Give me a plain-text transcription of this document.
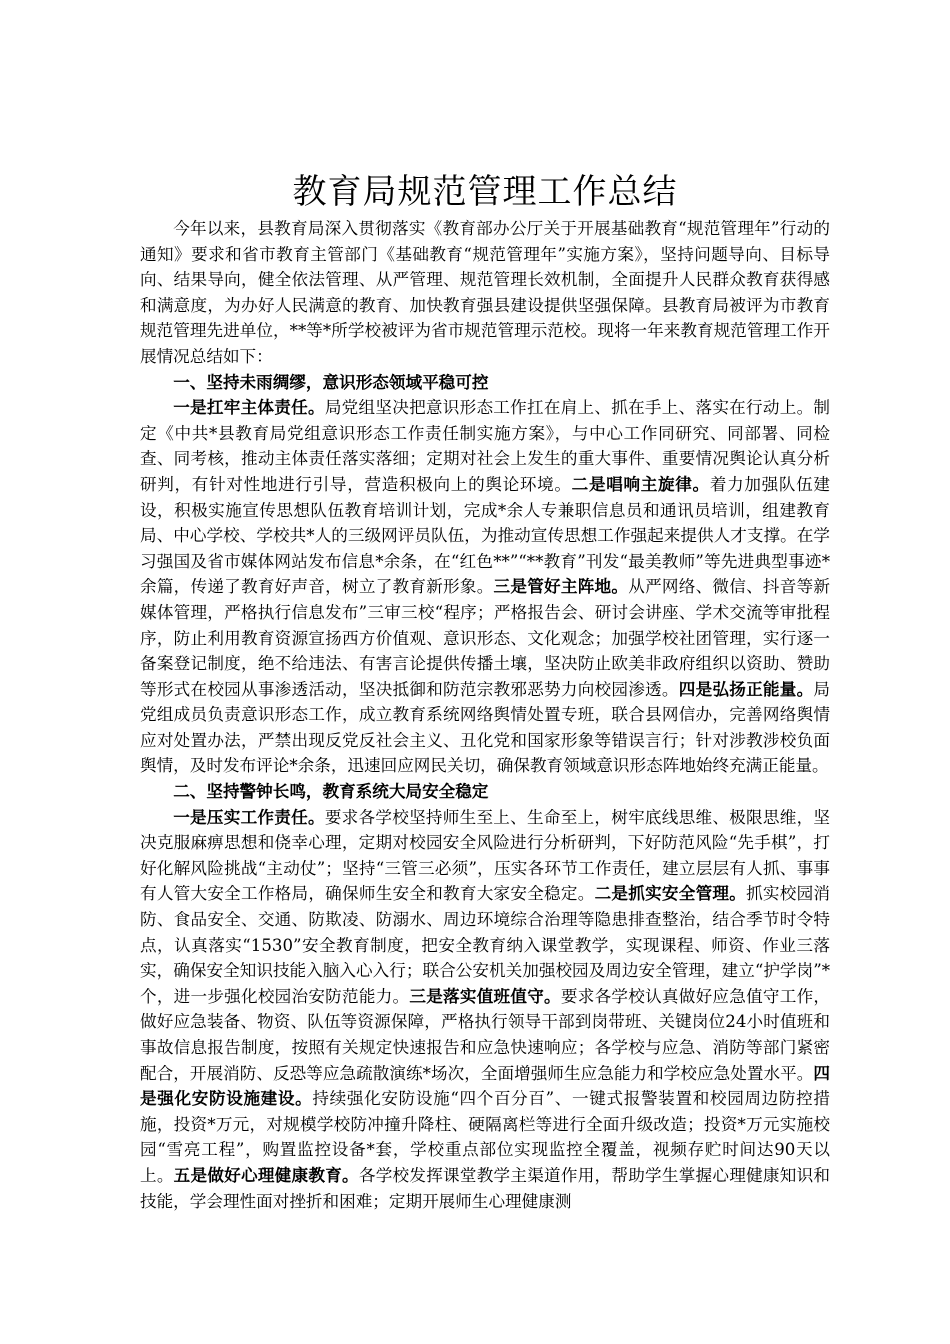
教育局规范管理工作总结

今年以来，县教育局深入贯彻落实《教育部办公厅关于开展基础教育“规范管理年”行动的通知》要求和省市教育主管部门《基础教育“规范管理年”实施方案》，坚持问题导向、目标导向、结果导向，健全依法管理、从严管理、规范管理长效机制，全面提升人民群众教育获得感和满意度，为办好人民满意的教育、加快教育强县建设提供坚强保障。县教育局被评为市教育规范管理先进单位，**等*所学校被评为省市规范管理示范校。现将一年来教育规范管理工作开展情况总结如下：

一、坚持未雨绸缪，意识形态领域平稳可控

一是扛牢主体责任。局党组坚决把意识形态工作扛在肩上、抓在手上、落实在行动上。制定《中共*县教育局党组意识形态工作责任制实施方案》，与中心工作同研究、同部署、同检查、同考核，推动主体责任落实落细；定期对社会上发生的重大事件、重要情况舆论认真分析研判，有针对性地进行引导，营造积极向上的舆论环境。二是唱响主旋律。着力加强队伍建设，积极实施宣传思想队伍教育培训计划，完成*余人专兼职信息员和通讯员培训，组建教育局、中心学校、学校共*人的三级网评员队伍，为推动宣传思想工作强起来提供人才支撑。在学习强国及省市媒体网站发布信息*余条，在“红色**”“**教育”刊发“最美教师”等先进典型事迹*余篇，传递了教育好声音，树立了教育新形象。三是管好主阵地。从严网络、微信、抖音等新媒体管理，严格执行信息发布”三审三校“程序；严格报告会、研讨会讲座、学术交流等审批程序，防止利用教育资源宣扬西方价值观、意识形态、文化观念；加强学校社团管理，实行逐一备案登记制度，绝不给违法、有害言论提供传播土壤，坚决防止欧美非政府组织以资助、赞助等形式在校园从事渗透活动，坚决抵御和防范宗教邪恶势力向校园渗透。四是弘扬正能量。局党组成员负责意识形态工作，成立教育系统网络舆情处置专班，联合县网信办，完善网络舆情应对处置办法，严禁出现反党反社会主义、丑化党和国家形象等错误言行；针对涉教涉校负面舆情，及时发布评论*余条，迅速回应网民关切，确保教育领域意识形态阵地始终充满正能量。

二、坚持警钟长鸣，教育系统大局安全稳定

一是压实工作责任。要求各学校坚持师生至上、生命至上，树牢底线思维、极限思维，坚决克服麻痹思想和侥幸心理，定期对校园安全风险进行分析研判，下好防范风险“先手棋”，打好化解风险挑战“主动仗”；坚持“三管三必须”，压实各环节工作责任，建立层层有人抓、事事有人管大安全工作格局，确保师生安全和教育大家安全稳定。二是抓实安全管理。抓实校园消防、食品安全、交通、防欺凌、防溺水、周边环境综合治理等隐患排查整治，结合季节时令特点，认真落实“1530”安全教育制度，把安全教育纳入课堂教学，实现课程、师资、作业三落实，确保安全知识技能入脑入心入行；联合公安机关加强校园及周边安全管理，建立“护学岗”*个，进一步强化校园治安防范能力。三是落实值班值守。要求各学校认真做好应急值守工作，做好应急装备、物资、队伍等资源保障，严格执行领导干部到岗带班、关键岗位24小时值班和事故信息报告制度，按照有关规定快速报告和应急快速响应；各学校与应急、消防等部门紧密配合，开展消防、反恐等应急疏散演练*场次，全面增强师生应急能力和学校应急处置水平。四是强化安防设施建设。持续强化安防设施“四个百分百”、一键式报警装置和校园周边防控措施，投资*万元，对规模学校防冲撞升降柱、硬隔离栏等进行全面升级改造；投资*万元实施校园“雪亮工程”，购置监控设备*套，学校重点部位实现监控全覆盖，视频存贮时间达90天以上。五是做好心理健康教育。各学校发挥课堂教学主渠道作用，帮助学生掌握心理健康知识和技能，学会理性面对挫折和困难；定期开展师生心理健康测
